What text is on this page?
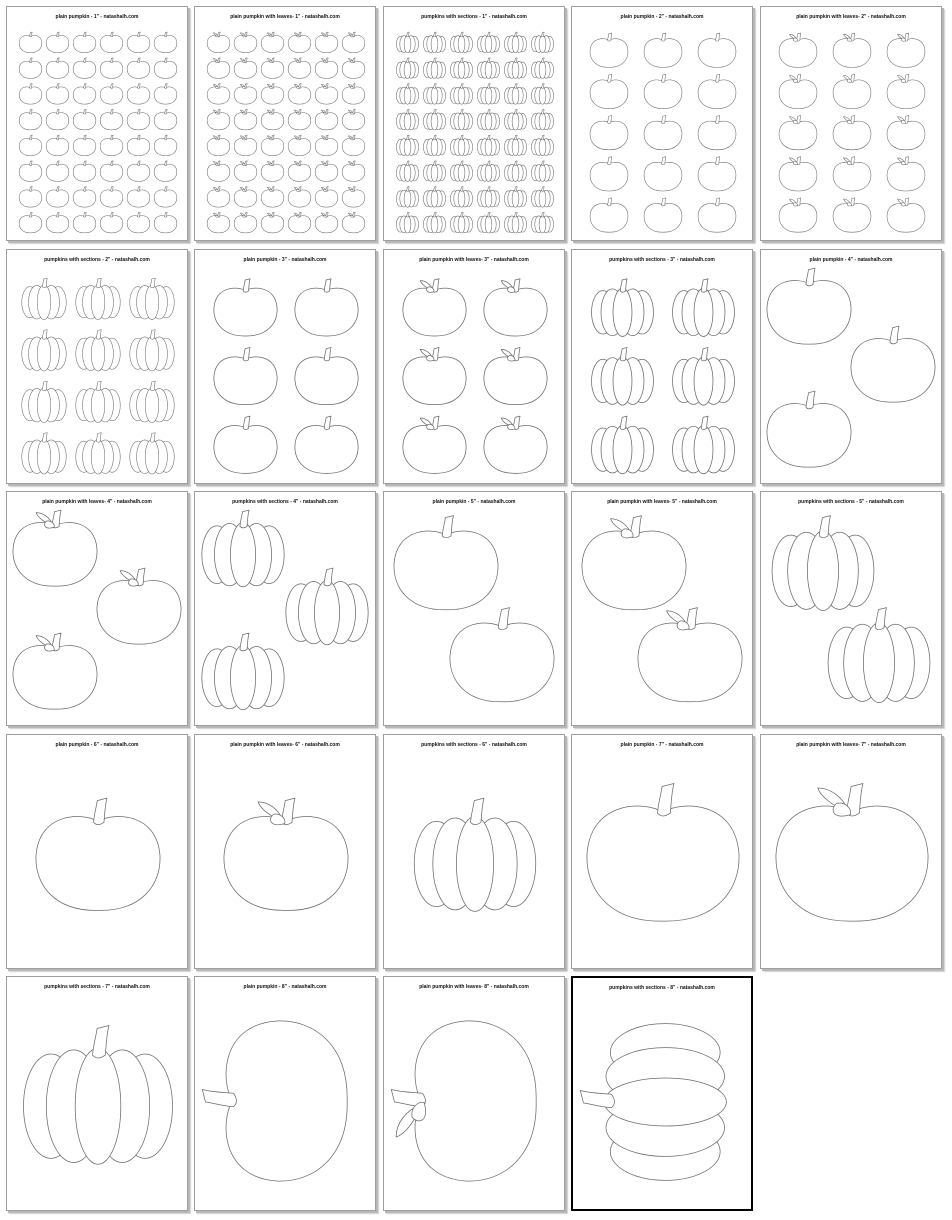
plain pumpkin - 1" - natashalh.com	plain pumpkin with leaves- 1" - natashalh.com	pumpkins with sections - 1" - natashalh.com	plain pumpkin - 2" - natashalh.com	plain pumpkin with leaves- 2" - natashalh.com
pumpkins with sections - 2" - natashalh.com	plain pumpkin - 3" - natashalh.com	plain pumpkin with leaves- 3" - natashalh.com	pumpkins with sections - 3" - natashalh.com	plain pumpkin - 4" - natashalh.com
plain pumpkin with leaves- 4" - natashalh.com	pumpkins with sections - 4" - natashalh.com	plain pumpkin - 5" - natashalh.com	plain pumpkin with leaves- 5" - natashalh.com	pumpkins with sections - 5" - natashalh.com
plain pumpkin - 6" - natashalh.com	plain pumpkin with leaves- 6" - natashalh.com	pumpkins with sections - 6" - natashalh.com	plain pumpkin - 7" - natashalh.com	plain pumpkin with leaves- 7" - natashalh.com
pumpkins with sections - 7" - natashalh.com	plain pumpkin - 8" - natashalh.com	plain pumpkin with leaves- 8" - natashalh.com	pumpkins with sections - 8" - natashalh.com
